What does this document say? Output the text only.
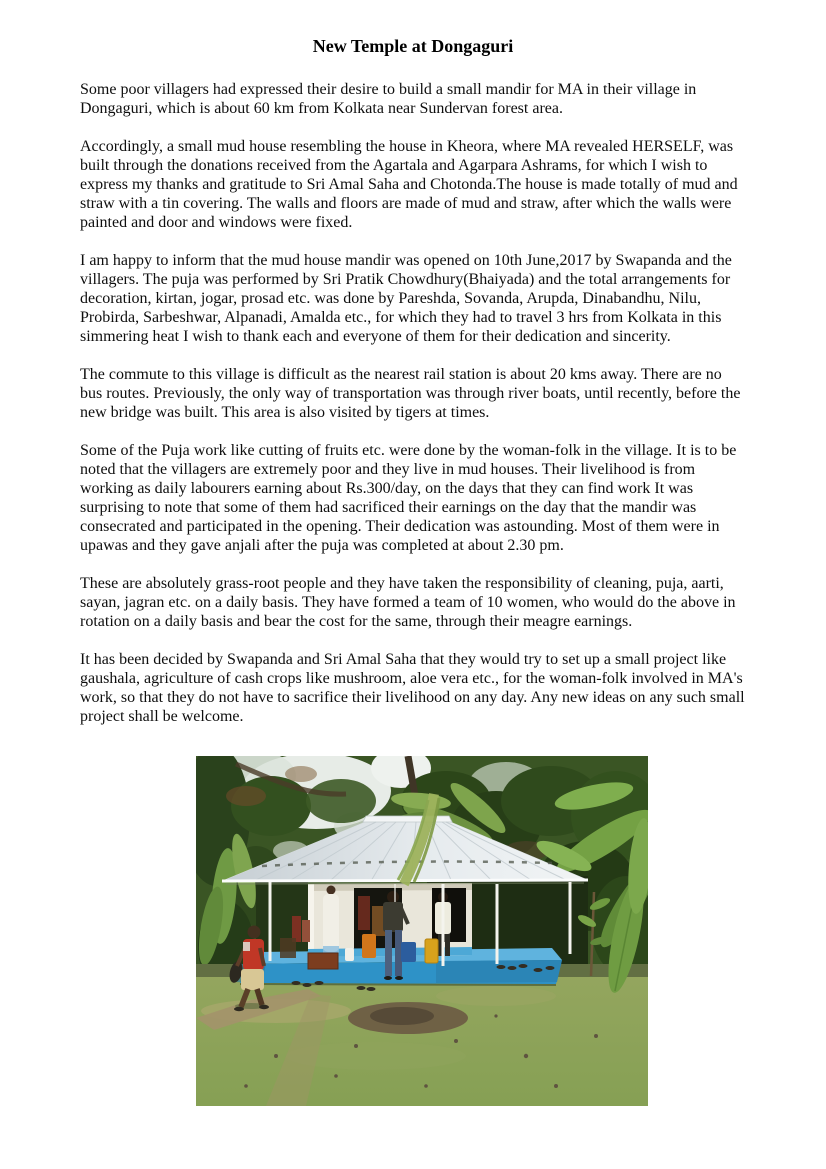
New Temple at Dongaguri

Some poor villagers had expressed their desire to build a small mandir for MA in their village in Dongaguri, which is about 60 km from Kolkata near Sundervan forest area.

Accordingly, a small mud house resembling the house in Kheora, where MA revealed HERSELF, was built through the donations received from the Agartala and Agarpara Ashrams, for which I wish to express my thanks and gratitude to Sri Amal Saha and Chotonda.The house is made totally of mud and straw with a tin covering. The walls and floors are made of mud and straw, after which the walls were painted and door and windows were fixed.

I am happy to inform that the mud house mandir was opened on 10th June,2017 by Swapanda and the villagers. The puja was performed by Sri Pratik Chowdhury(Bhaiyada) and the total arrangements for decoration, kirtan, jogar, prosad etc. was done by Pareshda, Sovanda, Arupda, Dinabandhu, Nilu, Probirda, Sarbeshwar, Alpanadi, Amalda etc., for which they had to travel 3 hrs from Kolkata in this simmering heat I wish to thank each and everyone of them for their dedication and sincerity.

The commute to this village is difficult as the nearest rail station is about 20 kms away. There are no bus routes. Previously, the only way of transportation was through river boats, until recently, before the new bridge was built. This area is also visited by tigers at times.

Some of the Puja work like cutting of fruits etc. were done by the woman-folk in the village. It is to be noted that the villagers are extremely poor and they live in mud houses. Their livelihood is from working as daily labourers earning about Rs.300/day, on the days that they can find work It was surprising to note that some of them had sacrificed their earnings on the day that the mandir was consecrated and participated in the opening. Their dedication was astounding. Most of them were in upawas and they gave anjali after the puja was completed at about 2.30 pm.

These are absolutely grass-root people and they have taken the responsibility of cleaning, puja, aarti, sayan, jagran etc. on a daily basis. They have formed a team of 10 women, who would do the above in rotation on a daily basis and bear the cost for the same, through their meagre earnings.

It has been decided by Swapanda and Sri Amal Saha that they would try to set up a small project like gaushala, agriculture of cash crops like mushroom, aloe vera etc., for the woman-folk involved in MA's work, so that they do not have to sacrifice their livelihood on any day. Any new ideas on any such small project shall be welcome.
